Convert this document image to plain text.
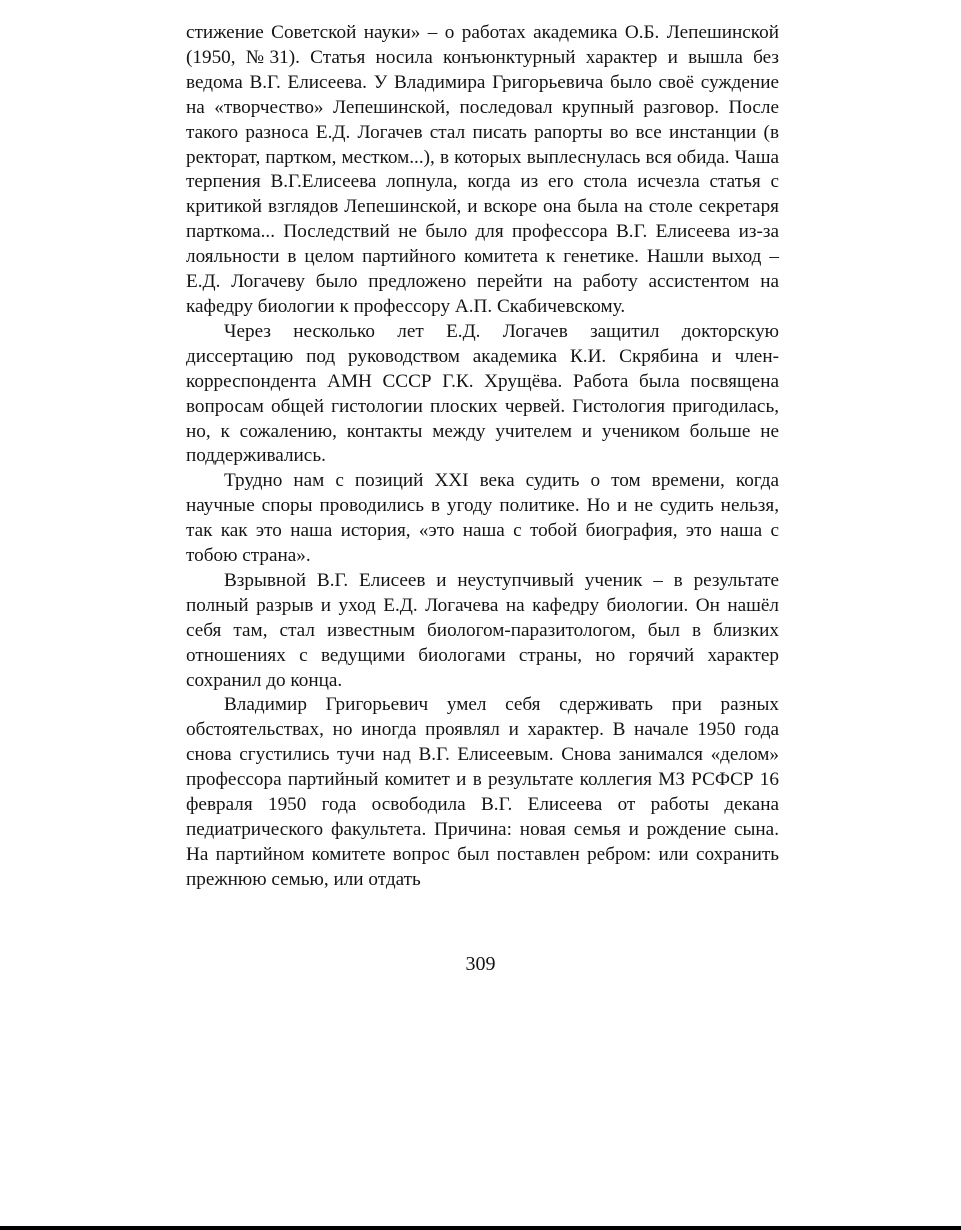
стижение Советской науки» – о работах академика О.Б. Лепешинской (1950, №31). Статья носила конъюнктурный характер и вышла без ведома В.Г. Елисеева. У Владимира Григорьевича было своё суждение на «творчество» Лепешинской, последовал крупный разговор. После такого разноса Е.Д. Логачев стал писать рапорты во все инстанции (в ректорат, партком, местком...), в которых выплеснулась вся обида. Чаша терпения В.Г.Елисеева лопнула, когда из его стола исчезла статья с критикой взглядов Лепешинской, и вскоре она была на столе секретаря парткома... Последствий не было для профессора В.Г. Елисеева из-за лояльности в целом партийного комитета к генетике. Нашли выход – Е.Д. Логачеву было предложено перейти на работу ассистентом на кафедру биологии к профессору А.П. Скабичевскому.

Через несколько лет Е.Д. Логачев защитил докторскую диссертацию под руководством академика К.И. Скрябина и член-корреспондента АМН СССР Г.К. Хрущёва. Работа была посвящена вопросам общей гистологии плоских червей. Гистология пригодилась, но, к сожалению, контакты между учителем и учеником больше не поддерживались.

Трудно нам с позиций XXI века судить о том времени, когда научные споры проводились в угоду политике. Но и не судить нельзя, так как это наша история, «это наша с тобой биография, это наша с тобою страна».

Взрывной В.Г. Елисеев и неуступчивый ученик – в результате полный разрыв и уход Е.Д. Логачева на кафедру биологии. Он нашёл себя там, стал известным биологом-паразитологом, был в близких отношениях с ведущими биологами страны, но горячий характер сохранил до конца.

Владимир Григорьевич умел себя сдерживать при разных обстоятельствах, но иногда проявлял и характер. В начале 1950 года снова сгустились тучи над В.Г. Елисеевым. Снова занимался «делом» профессора партийный комитет и в результате коллегия МЗ РСФСР 16 февраля 1950 года освободила В.Г. Елисеева от работы декана педиатрического факультета. Причина: новая семья и рождение сына. На партийном комитете вопрос был поставлен ребром: или сохранить прежнюю семью, или отдать

309
